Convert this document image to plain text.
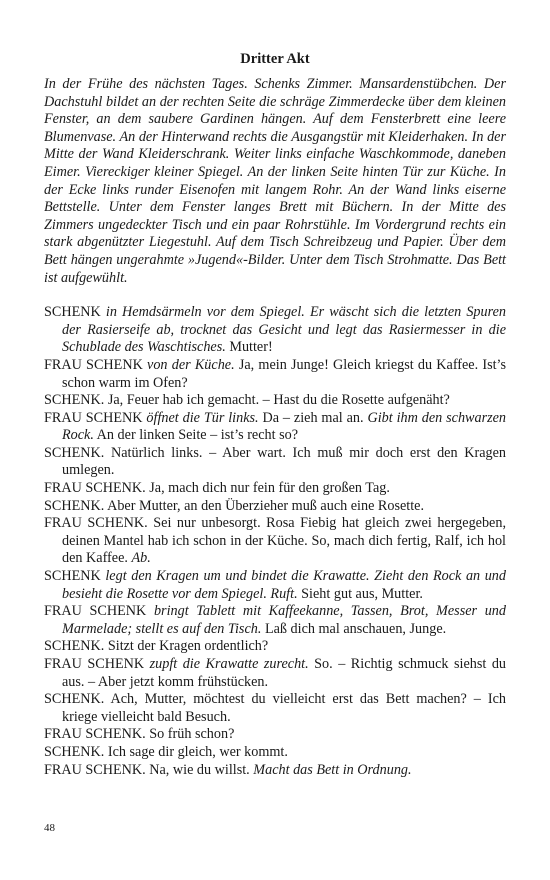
Dritter Akt

In der Frühe des nächsten Tages. Schenks Zimmer. Mansardenstübchen. Der Dachstuhl bildet an der rechten Seite die schräge Zimmerdecke über dem kleinen Fenster, an dem saubere Gardinen hängen. Auf dem Fensterbrett eine leere Blumenvase. An der Hinterwand rechts die Ausgangstür mit Kleiderhaken. In der Mitte der Wand Kleiderschrank. Weiter links einfache Waschkommode, daneben Eimer. Viereckiger kleiner Spiegel. An der linken Seite hinten Tür zur Küche. In der Ecke links runder Eisenofen mit langem Rohr. An der Wand links eiserne Bettstelle. Unter dem Fenster langes Brett mit Büchern. In der Mitte des Zimmers ungedeckter Tisch und ein paar Rohrstühle. Im Vordergrund rechts ein stark abgenützter Liegestuhl. Auf dem Tisch Schreibzeug und Papier. Über dem Bett hängen ungerahmte »Jugend«-Bilder. Unter dem Tisch Strohmatte. Das Bett ist aufgewühlt.

SCHENK in Hemdsärmeln vor dem Spiegel. Er wäscht sich die letzten Spuren der Rasierseife ab, trocknet das Gesicht und legt das Rasiermesser in die Schublade des Waschtisches. Mutter!

FRAU SCHENK von der Küche. Ja, mein Junge! Gleich kriegst du Kaffee. Ist’s schon warm im Ofen?

SCHENK. Ja, Feuer hab ich gemacht. – Hast du die Rosette aufgenäht?

FRAU SCHENK öffnet die Tür links. Da – zieh mal an. Gibt ihm den schwarzen Rock. An der linken Seite – ist’s recht so?

SCHENK. Natürlich links. – Aber wart. Ich muß mir doch erst den Kragen umlegen.

FRAU SCHENK. Ja, mach dich nur fein für den großen Tag.

SCHENK. Aber Mutter, an den Überzieher muß auch eine Rosette.

FRAU SCHENK. Sei nur unbesorgt. Rosa Fiebig hat gleich zwei hergegeben, deinen Mantel hab ich schon in der Küche. So, mach dich fertig, Ralf, ich hol den Kaffee. Ab.

SCHENK legt den Kragen um und bindet die Krawatte. Zieht den Rock an und besieht die Rosette vor dem Spiegel. Ruft. Sieht gut aus, Mutter.

FRAU SCHENK bringt Tablett mit Kaffeekanne, Tassen, Brot, Messer und Marmelade; stellt es auf den Tisch. Laß dich mal anschauen, Junge.

SCHENK. Sitzt der Kragen ordentlich?

FRAU SCHENK zupft die Krawatte zurecht. So. – Richtig schmuck siehst du aus. – Aber jetzt komm frühstücken.

SCHENK. Ach, Mutter, möchtest du vielleicht erst das Bett machen? – Ich kriege vielleicht bald Besuch.

FRAU SCHENK. So früh schon?

SCHENK. Ich sage dir gleich, wer kommt.

FRAU SCHENK. Na, wie du willst. Macht das Bett in Ordnung.

48
